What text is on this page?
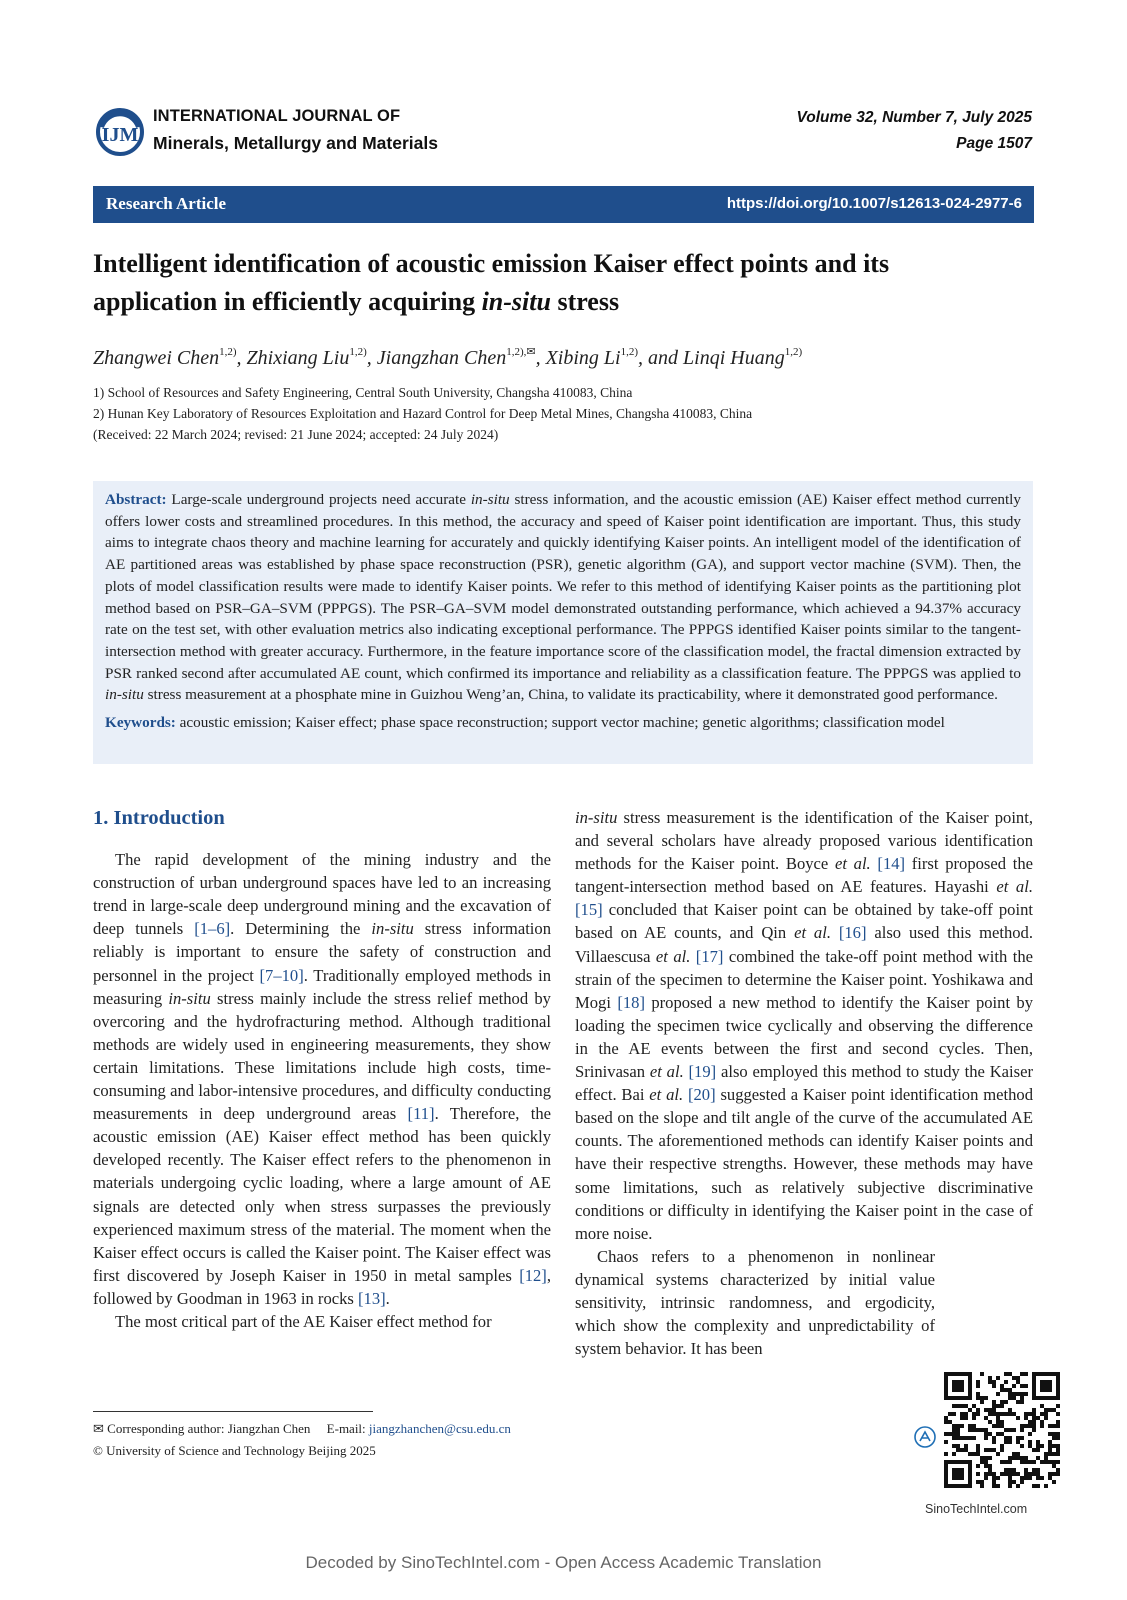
IJM
INTERNATIONAL JOURNAL OF
Minerals, Metallurgy and Materials
Volume 32, Number 7, July 2025
Page 1507
Research Article	https://doi.org/10.1007/s12613-024-2977-6
Intelligent identification of acoustic emission Kaiser effect points and its
application in efficiently acquiring in-situ stress
Zhangwei Chen$^{1,2)}$, Zhixiang Liu$^{1,2)}$, Jiangzhan Chen$^{1,2),✉}$, Xibing Li$^{1,2)}$, and Linqi Huang$^{1,2)}$
1) School of Resources and Safety Engineering, Central South University, Changsha 410083, China
2) Hunan Key Laboratory of Resources Exploitation and Hazard Control for Deep Metal Mines, Changsha 410083, China
(Received: 22 March 2024; revised: 21 June 2024; accepted: 24 July 2024)
Abstract: Large-scale underground projects need accurate in-situ stress information, and the acoustic emission (AE) Kaiser effect method currently offers lower costs and streamlined procedures. In this method, the accuracy and speed of Kaiser point identification are important. Thus, this study aims to integrate chaos theory and machine learning for accurately and quickly identifying Kaiser points. An intelligent model of the identification of AE partitioned areas was established by phase space reconstruction (PSR), genetic algorithm (GA), and support vector machine (SVM). Then, the plots of model classification results were made to identify Kaiser points. We refer to this method of identifying Kaiser points as the partitioning plot method based on PSR–GA–SVM (PPPGS). The PSR–GA–SVM model demonstrated outstanding performance, which achieved a 94.37% accuracy rate on the test set, with other evaluation metrics also indicating exceptional performance. The PPPGS identified Kaiser points similar to the tangent-intersection method with greater accuracy. Furthermore, in the feature importance score of the classification model, the fractal dimension extracted by PSR ranked second after accumulated AE count, which confirmed its importance and reliability as a classification feature. The PPPGS was applied to in-situ stress measurement at a phosphate mine in Guizhou Weng’an, China, to validate its practicability, where it demonstrated good performance.
Keywords: acoustic emission; Kaiser effect; phase space reconstruction; support vector machine; genetic algorithms; classification model
1. Introduction
The rapid development of the mining industry and the construction of urban underground spaces have led to an increasing trend in large-scale deep underground mining and the excavation of deep tunnels [1–6]. Determining the in-situ stress information reliably is important to ensure the safety of construction and personnel in the project [7–10]. Traditionally employed methods in measuring in-situ stress mainly include the stress relief method by overcoring and the hydrofracturing method. Although traditional methods are widely used in engineering measurements, they show certain limitations. These limitations include high costs, time-consuming and labor-intensive procedures, and difficulty conducting measurements in deep underground areas [11]. Therefore, the acoustic emission (AE) Kaiser effect method has been quickly developed recently. The Kaiser effect refers to the phenomenon in materials undergoing cyclic loading, where a large amount of AE signals are detected only when stress surpasses the previously experienced maximum stress of the material. The moment when the Kaiser effect occurs is called the Kaiser point. The Kaiser effect was first discovered by Joseph Kaiser in 1950 in metal samples [12], followed by Goodman in 1963 in rocks [13].
The most critical part of the AE Kaiser effect method for
in-situ stress measurement is the identification of the Kaiser point, and several scholars have already proposed various identification methods for the Kaiser point. Boyce et al. [14] first proposed the tangent-intersection method based on AE features. Hayashi et al. [15] concluded that Kaiser point can be obtained by take-off point based on AE counts, and Qin et al. [16] also used this method. Villaescusa et al. [17] combined the take-off point method with the strain of the specimen to determine the Kaiser point. Yoshikawa and Mogi [18] proposed a new method to identify the Kaiser point by loading the specimen twice cyclically and observing the difference in the AE events between the first and second cycles. Then, Srinivasan et al. [19] also employed this method to study the Kaiser effect. Bai et al. [20] suggested a Kaiser point identification method based on the slope and tilt angle of the curve of the accumulated AE counts. The aforementioned methods can identify Kaiser points and have their respective strengths. However, these methods may have some limitations, such as relatively subjective discriminative conditions or difficulty in identifying the Kaiser point in the case of more noise.
Chaos refers to a phenomenon in nonlinear dynamical systems characterized by initial value sensitivity, intrinsic randomness, and ergodicity, which show the complexity and unpredictability of system behavior. It has been
✉ Corresponding author: Jiangzhan Chen E-mail: jiangzhanchen@csu.edu.cn
© University of Science and Technology Beijing 2025
SinoTechIntel.com
Decoded by SinoTechIntel.com - Open Access Academic Translation
